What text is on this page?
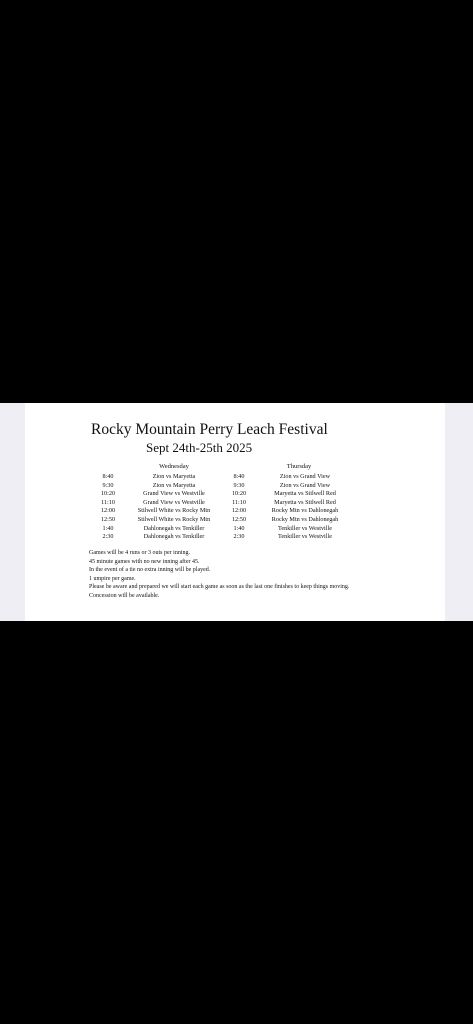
Rocky Mountain Perry Leach Festival
Sept 24th-25th 2025
Wednesday	Thursday
8:40	Zion vs Maryetta	8:40	Zion vs Grand View
9:30	Zion vs Maryetta	9:30	Zion vs Grand View
10:20	Grand View vs Westville	10:20	Maryetta vs Stilwell Red
11:10	Grand View vs Westville	11:10	Maryetta vs Stilwell Red
12:00	Stilwell White vs Rocky Mtn	12:00	Rocky Mtn vs Dahlonegah
12:50	Stilwell White vs Rocky Mtn	12:50	Rocky Mtn vs Dahlonegah
1:40	Dahlonegah vs Tenkiller	1:40	Tenkiller vs Westville
2:30	Dahlonegah vs Tenkiller	2:30	Tenkiller vs Westville
Games will be 4 runs or 3 outs per inning.
45 minute games with no new inning after 45.
In the event of a tie no extra inning will be played.
1 umpire per game.
Please be aware and prepared we will start each game as soon as the last one finishes to keep things moving.
Concession will be available.
